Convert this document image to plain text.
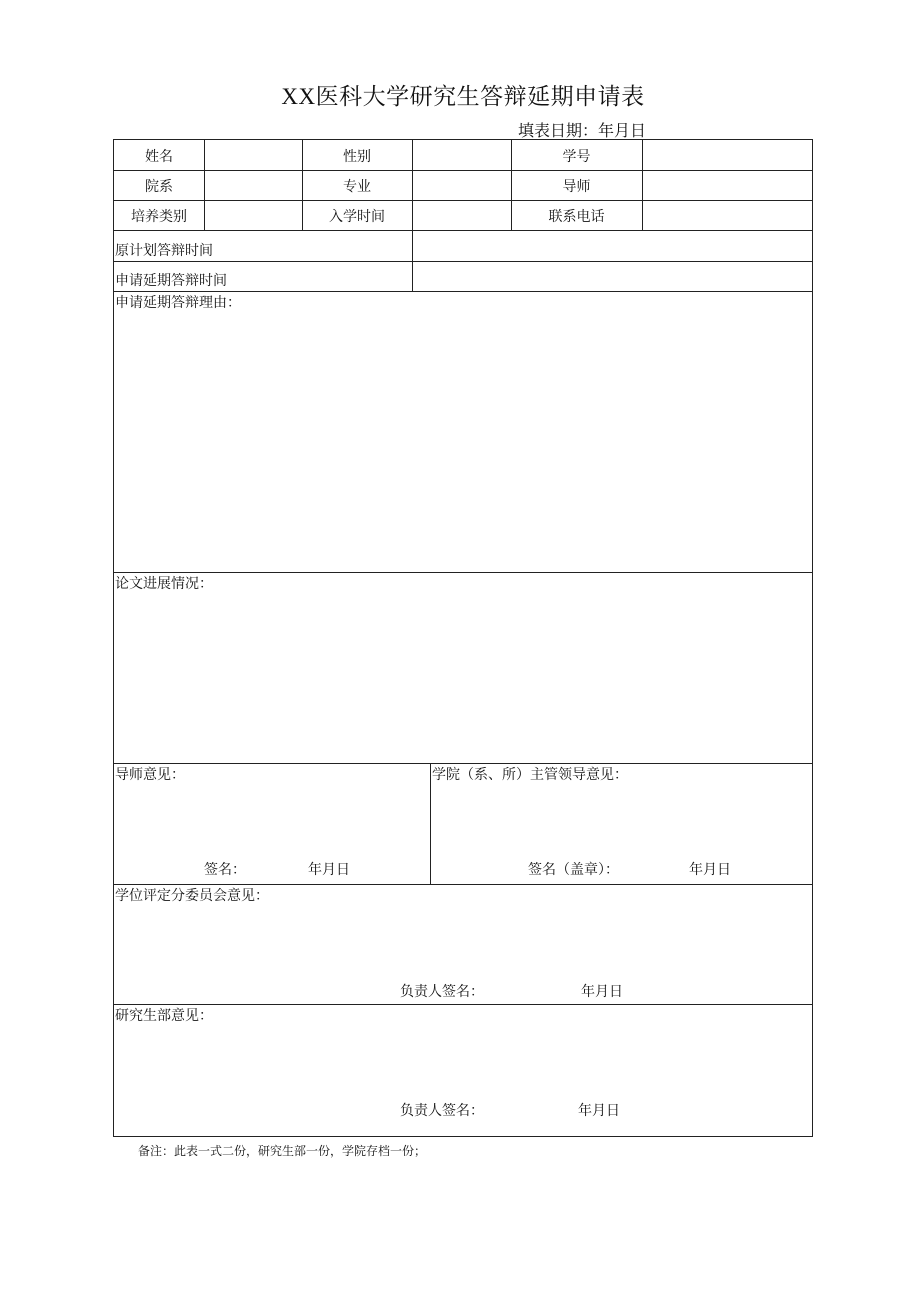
XX医科大学研究生答辩延期申请表
填表日期：年月日
姓名	性别	学号
院系	专业	导师
培养类别	入学时间	联系电话
原计划答辩时间
申请延期答辩时间
申请延期答辩理由：
论文进展情况：
导师意见：
签名：	年月日
学院（系、所）主管领导意见：
签名（盖章）：	年月日
学位评定分委员会意见：
负责人签名：	年月日
研究生部意见：
负责人签名：	年月日
备注：此表一式二份，研究生部一份，学院存档一份；
